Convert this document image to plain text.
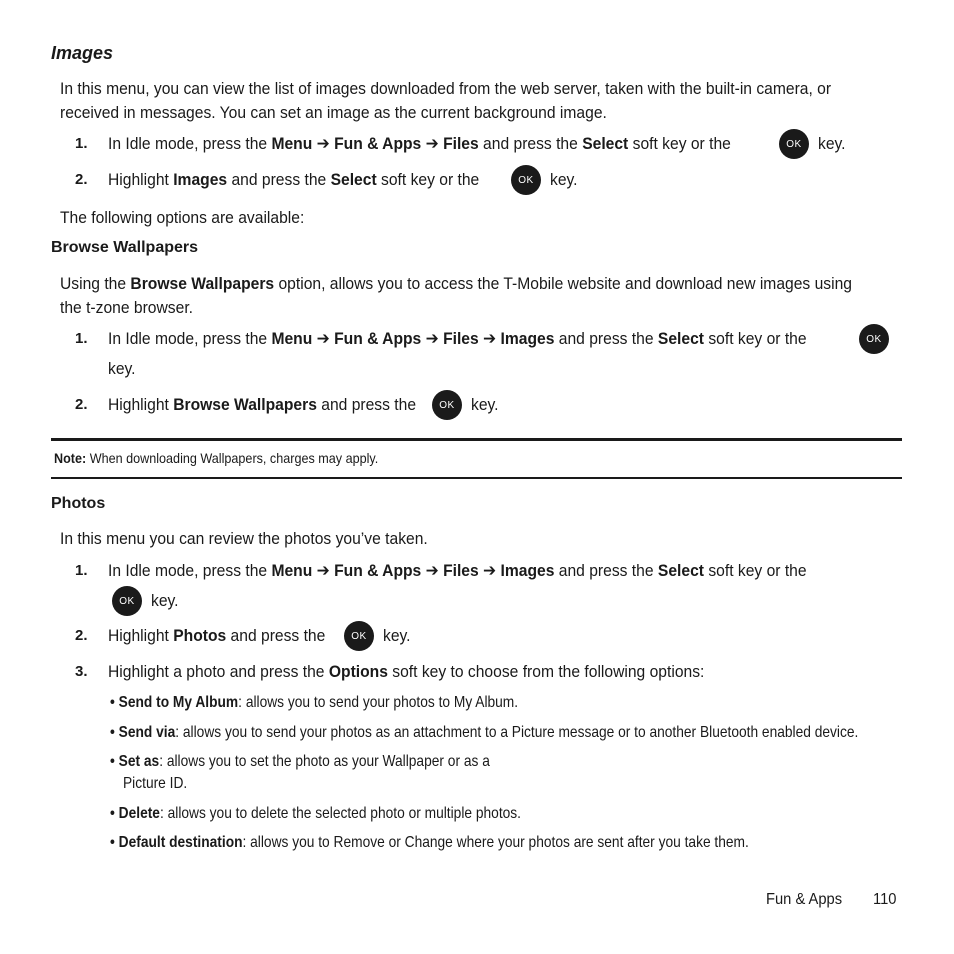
Images
In this menu, you can view the list of images downloaded from the web server, taken with the built-in camera, or
received in messages. You can set an image as the current background image.
1. In Idle mode, press the Menu ➔ Fun & Apps ➔ Files and press the Select soft key or the	OK key.
2. Highlight Images and press the Select soft key or the	OK key.
The following options are available:
Browse Wallpapers
Using the Browse Wallpapers option, allows you to access the T-Mobile website and download new images using
the t-zone browser.
1. In Idle mode, press the Menu ➔ Fun & Apps ➔ Files ➔ Images and press the Select soft key or the	OK
key.
2. Highlight Browse Wallpapers and press the	OK key.
Note: When downloading Wallpapers, charges may apply.
Photos
In this menu you can review the photos you’ve taken.
1. In Idle mode, press the Menu ➔ Fun & Apps ➔ Files ➔ Images and press the Select soft key or the
OK key.
2. Highlight Photos and press the	OK key.
3. Highlight a photo and press the Options soft key to choose from the following options:
• Send to My Album: allows you to send your photos to My Album.
• Send via: allows you to send your photos as an attachment to a Picture message or to another Bluetooth enabled device.
• Set as: allows you to set the photo as your Wallpaper or as a
Picture ID.
• Delete: allows you to delete the selected photo or multiple photos.
• Default destination: allows you to Remove or Change where your photos are sent after you take them.
Fun & Apps 110
